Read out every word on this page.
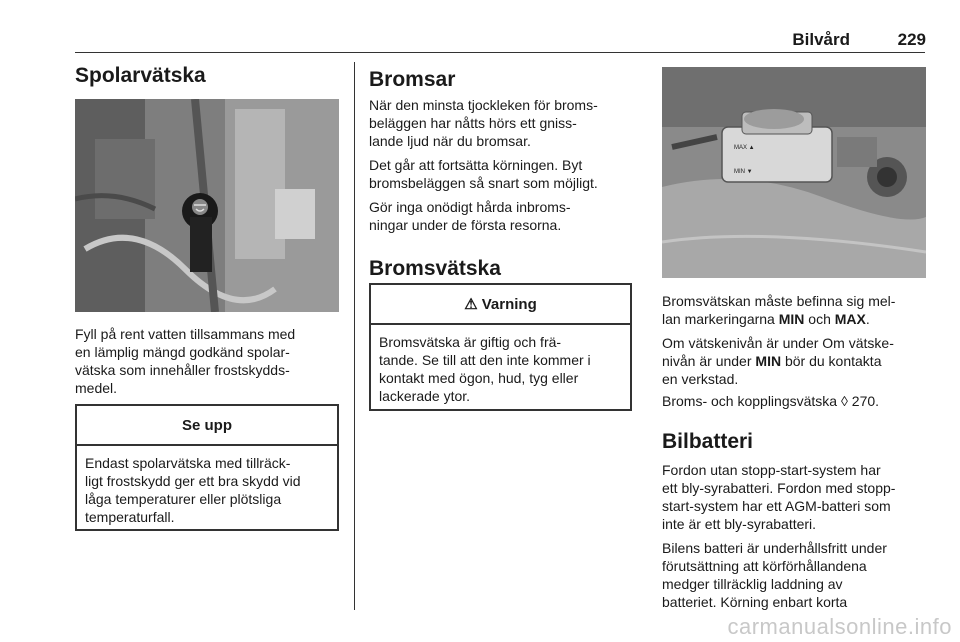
Bilvård	229
Spolarvätska
Fyll på rent vatten tillsammans med
en lämplig mängd godkänd spolar-
vätska som innehåller frostskydds-
medel.
Se upp
Endast spolarvätska med tillräck-
ligt frostskydd ger ett bra skydd vid
låga temperaturer eller plötsliga
temperaturfall.
Bromsar
När den minsta tjockleken för broms-
beläggen har nåtts hörs ett gniss-
lande ljud när du bromsar.
Det går att fortsätta körningen. Byt
bromsbeläggen så snart som möjligt.
Gör inga onödigt hårda inbroms-
ningar under de första resorna.
Bromsvätska
⚠ Varning
Bromsvätska är giftig och frä-
tande. Se till att den inte kommer i
kontakt med ögon, hud, tyg eller
lackerade ytor.
MAX ▲
MIN ▼
Bromsvätskan måste befinna sig mel-
lan markeringarna MIN och MAX.
Om vätskenivån är under Om vätske-
nivån är under MIN bör du kontakta
en verkstad.
Broms- och kopplingsvätska ◊ 270.
Bilbatteri
Fordon utan stopp-start-system har
ett bly-syrabatteri. Fordon med stopp-
start-system har ett AGM-batteri som
inte är ett bly-syrabatteri.
Bilens batteri är underhållsfritt under
förutsättning att körförhållandena
medger tillräcklig laddning av
batteriet. Körning enbart korta
carmanualsonline.info
